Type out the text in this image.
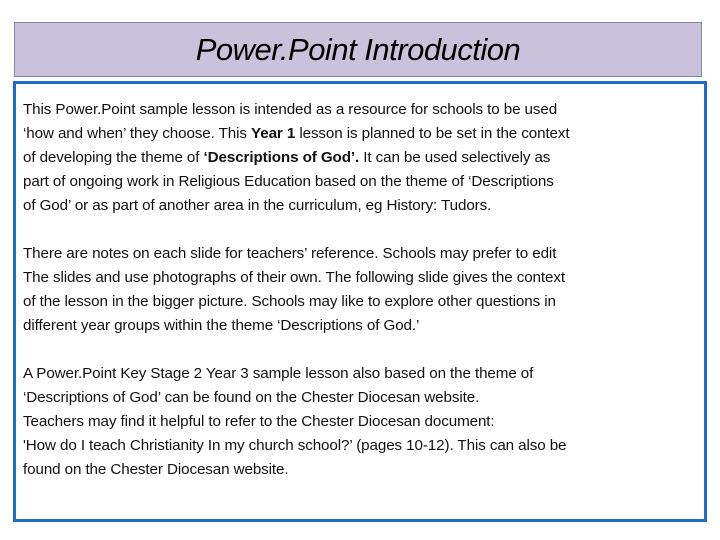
Power.Point Introduction
This Power.Point sample lesson is intended as a resource for schools to be used
‘how and when’ they choose. This Year 1 lesson is planned to be set in the context
of developing the theme of ‘Descriptions of God’. It can be used selectively as
part of ongoing work in Religious Education based on the theme of ‘Descriptions
of God’ or as part of another area in the curriculum, eg History: Tudors.
There are notes on each slide for teachers’ reference. Schools may prefer to edit
The slides and use photographs of their own. The following slide gives the context
of the lesson in the bigger picture. Schools may like to explore other questions in
different year groups within the theme ‘Descriptions of God.’
A Power.Point Key Stage 2 Year 3 sample lesson also based on the theme of
‘Descriptions of God’ can be found on the Chester Diocesan website.
Teachers may find it helpful to refer to the Chester Diocesan document:
'How do I teach Christianity In my church school?’ (pages 10-12). This can also be
found on the Chester Diocesan website.
